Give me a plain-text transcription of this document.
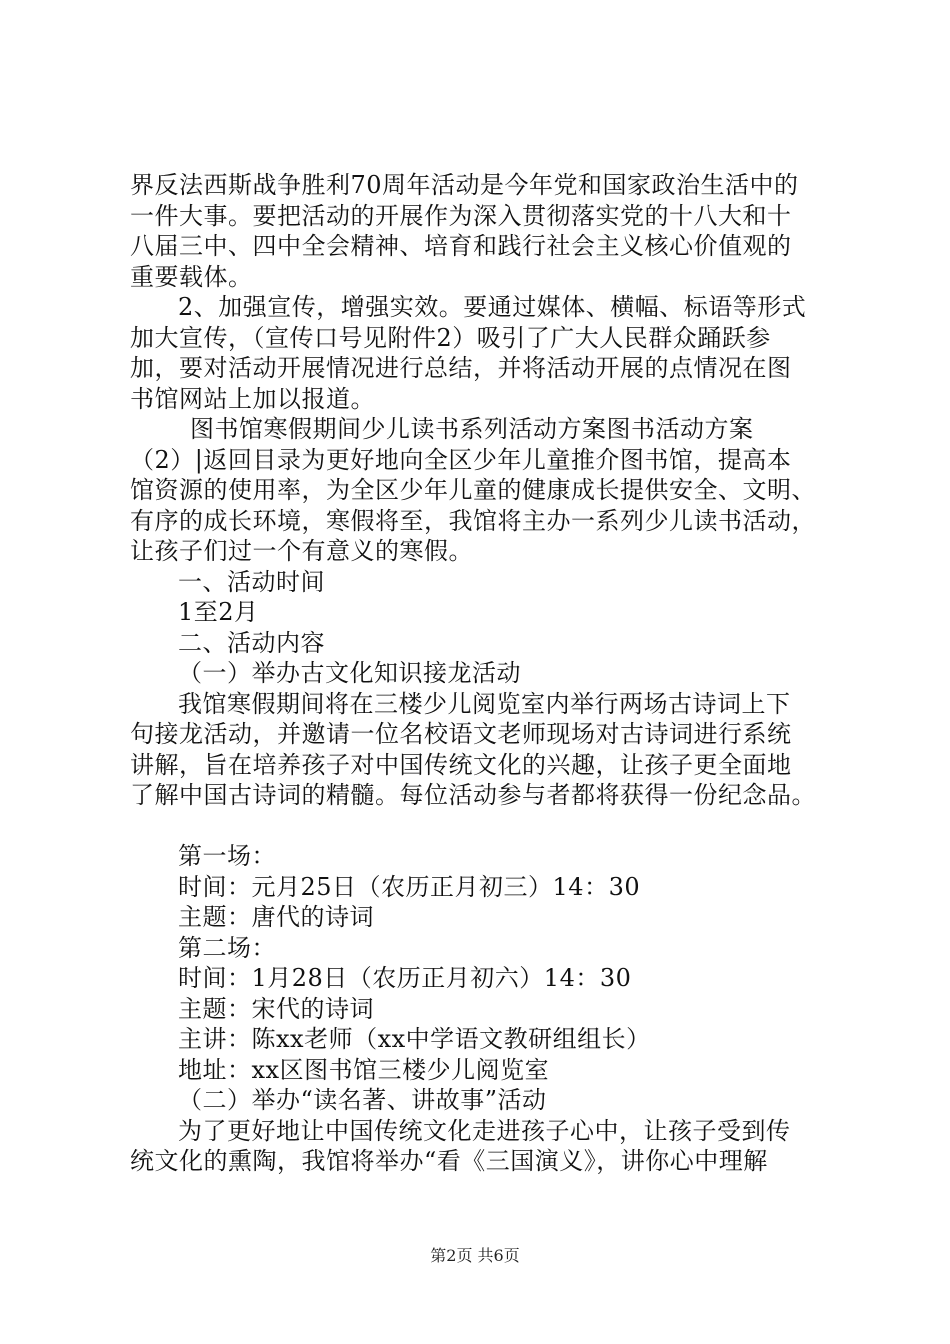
界反法西斯战争胜利70周年活动是今年党和国家政治生活中的
一件大事。要把活动的开展作为深入贯彻落实党的十八大和十
八届三中、四中全会精神、培育和践行社会主义核心价值观的
重要载体。
2、加强宣传，增强实效。要通过媒体、横幅、标语等形式
加大宣传，（宣传口号见附件2）吸引了广大人民群众踊跃参
加，要对活动开展情况进行总结，并将活动开展的点情况在图
书馆网站上加以报道。
图书馆寒假期间少儿读书系列活动方案图书活动方案
（2）|返回目录为更好地向全区少年儿童推介图书馆，提高本
馆资源的使用率，为全区少年儿童的健康成长提供安全、文明、
有序的成长环境，寒假将至，我馆将主办一系列少儿读书活动，
让孩子们过一个有意义的寒假。
一、活动时间
1至2月
二、活动内容
（一）举办古文化知识接龙活动
我馆寒假期间将在三楼少儿阅览室内举行两场古诗词上下
句接龙活动，并邀请一位名校语文老师现场对古诗词进行系统
讲解，旨在培养孩子对中国传统文化的兴趣，让孩子更全面地
了解中国古诗词的精髓。每位活动参与者都将获得一份纪念品。
第一场：
时间：元月25日（农历正月初三）14：30
主题：唐代的诗词
第二场：
时间：1月28日（农历正月初六）14：30
主题：宋代的诗词
主讲：陈xx老师（xx中学语文教研组组长）
地址：xx区图书馆三楼少儿阅览室
（二）举办“读名著、讲故事”活动
为了更好地让中国传统文化走进孩子心中，让孩子受到传
统文化的熏陶，我馆将举办“看《三国演义》，讲你心中理解
第2页 共6页
